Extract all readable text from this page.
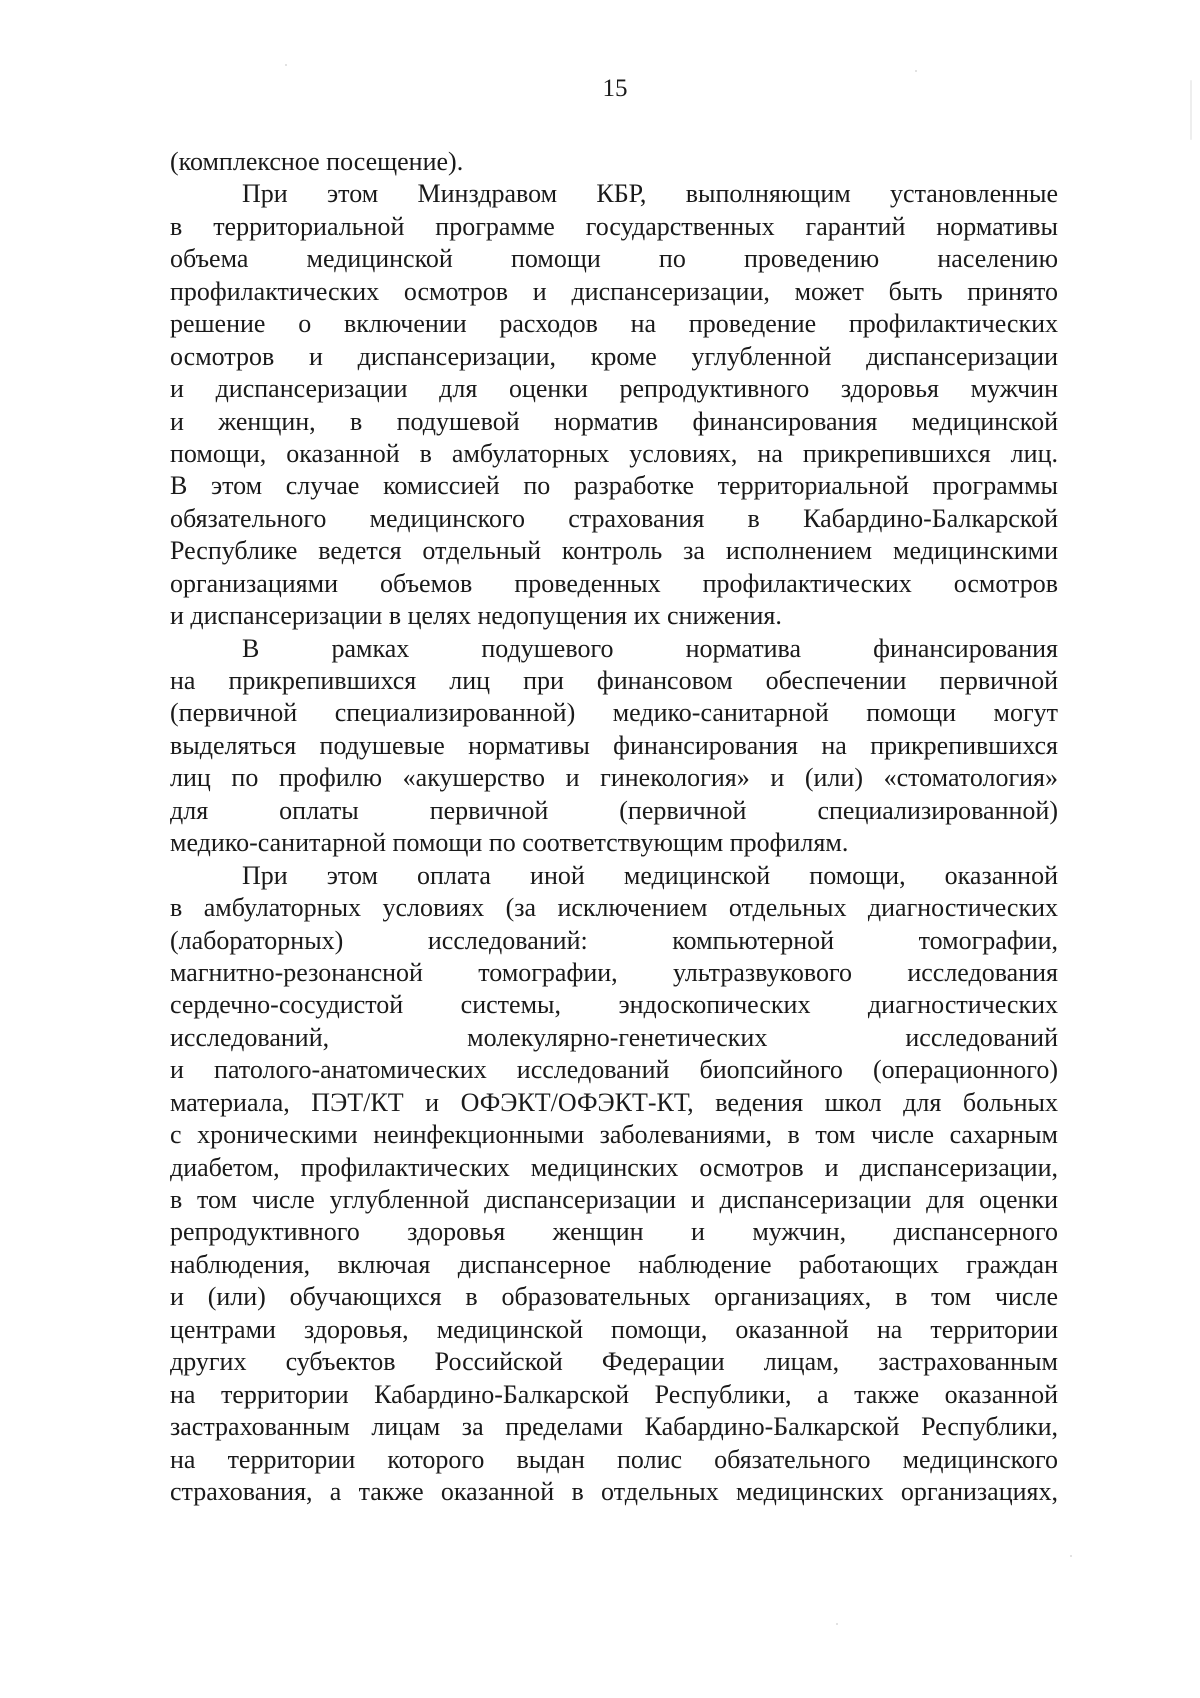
15
(комплексное посещение).
При этом Минздравом КБР, выполняющим установленные
в территориальной программе государственных гарантий нормативы
объема медицинской помощи по проведению населению
профилактических осмотров и диспансеризации, может быть принято
решение о включении расходов на проведение профилактических
осмотров и диспансеризации, кроме углубленной диспансеризации
и диспансеризации для оценки репродуктивного здоровья мужчин
и женщин, в подушевой норматив финансирования медицинской
помощи, оказанной в амбулаторных условиях, на прикрепившихся лиц.
В этом случае комиссией по разработке территориальной программы
обязательного медицинского страхования в Кабардино-Балкарской
Республике ведется отдельный контроль за исполнением медицинскими
организациями объемов проведенных профилактических осмотров
и диспансеризации в целях недопущения их снижения.
В рамках подушевого норматива финансирования
на прикрепившихся лиц при финансовом обеспечении первичной
(первичной специализированной) медико-санитарной помощи могут
выделяться подушевые нормативы финансирования на прикрепившихся
лиц по профилю «акушерство и гинекология» и (или) «стоматология»
для оплаты первичной (первичной специализированной)
медико-санитарной помощи по соответствующим профилям.
При этом оплата иной медицинской помощи, оказанной
в амбулаторных условиях (за исключением отдельных диагностических
(лабораторных) исследований: компьютерной томографии,
магнитно-резонансной томографии, ультразвукового исследования
сердечно-сосудистой системы, эндоскопических диагностических
исследований, молекулярно-генетических исследований
и патолого-анатомических исследований биопсийного (операционного)
материала, ПЭТ/КТ и ОФЭКТ/ОФЭКТ-КТ, ведения школ для больных
с хроническими неинфекционными заболеваниями, в том числе сахарным
диабетом, профилактических медицинских осмотров и диспансеризации,
в том числе углубленной диспансеризации и диспансеризации для оценки
репродуктивного здоровья женщин и мужчин, диспансерного
наблюдения, включая диспансерное наблюдение работающих граждан
и (или) обучающихся в образовательных организациях, в том числе
центрами здоровья, медицинской помощи, оказанной на территории
других субъектов Российской Федерации лицам, застрахованным
на территории Кабардино-Балкарской Республики, а также оказанной
застрахованным лицам за пределами Кабардино-Балкарской Республики,
на территории которого выдан полис обязательного медицинского
страхования, а также оказанной в отдельных медицинских организациях,
